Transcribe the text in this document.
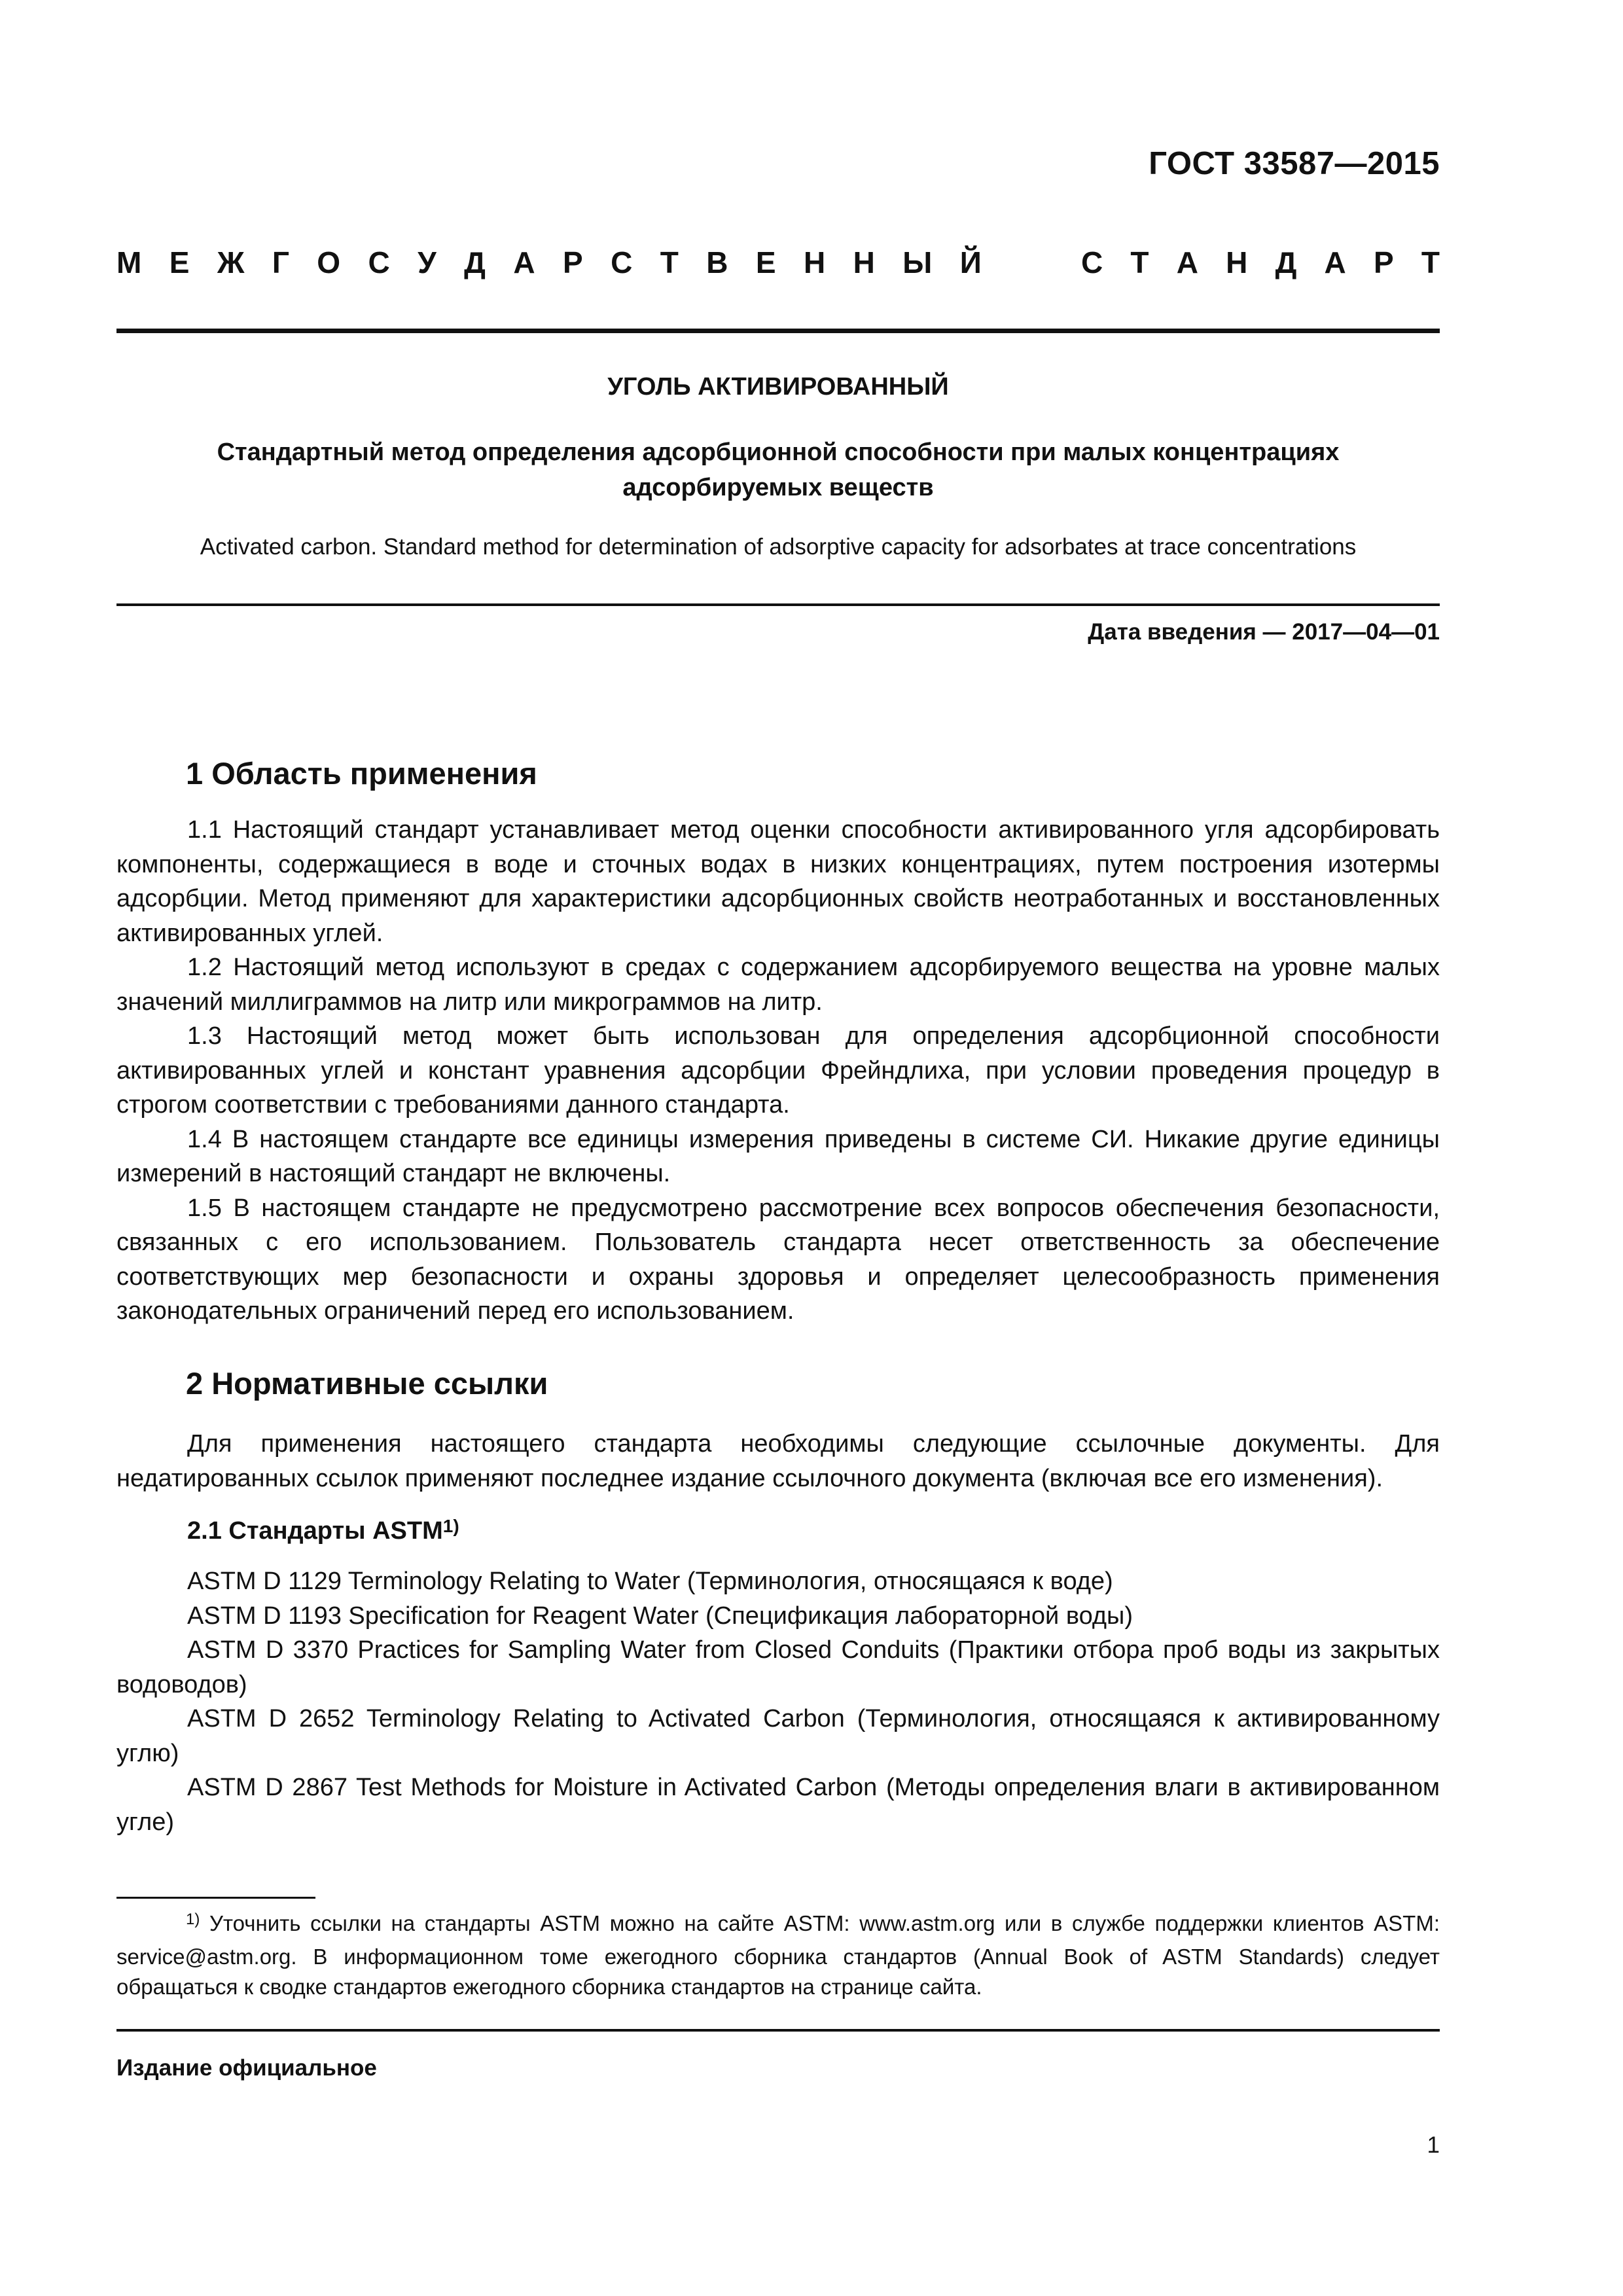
ГОСТ 33587—2015
М Е Ж Г О С У Д А Р С Т В Е Н Н Ы Й	С Т А Н Д А Р Т
УГОЛЬ АКТИВИРОВАННЫЙ
Стандартный метод определения адсорбционной способности при малых концентрациях
адсорбируемых веществ
Activated carbon. Standard method for determination of adsorptive capacity for adsorbates at trace concentrations
Дата введения — 2017—04—01
1 Область применения

1.1 Настоящий стандарт устанавливает метод оценки способности активированного угля адсорбировать компоненты, содержащиеся в воде и сточных водах в низких концентрациях, путем построения изотермы адсорбции. Метод применяют для характеристики адсорбционных свойств неотработанных и восстановленных активированных углей.

1.2 Настоящий метод используют в средах с содержанием адсорбируемого вещества на уровне малых значений миллиграммов на литр или микрограммов на литр.

1.3 Настоящий метод может быть использован для определения адсорбционной способности активированных углей и констант уравнения адсорбции Фрейндлиха, при условии проведения процедур в строгом соответствии с требованиями данного стандарта.

1.4 В настоящем стандарте все единицы измерения приведены в системе СИ. Никакие другие единицы измерений в настоящий стандарт не включены.

1.5 В настоящем стандарте не предусмотрено рассмотрение всех вопросов обеспечения безопасности, связанных с его использованием. Пользователь стандарта несет ответственность за обеспечение соответствующих мер безопасности и охраны здоровья и определяет целесообразность применения законодательных ограничений перед его использованием.

2 Нормативные ссылки

Для применения настоящего стандарта необходимы следующие ссылочные документы. Для недатированных ссылок применяют последнее издание ссылочного документа (включая все его изменения).

2.1 Стандарты ASTM$^{1)}$

ASTM D 1129 Terminology Relating to Water (Терминология, относящаяся к воде)

ASTM D 1193 Specification for Reagent Water (Спецификация лабораторной воды)

ASTM D 3370 Practices for Sampling Water from Closed Conduits (Практики отбора проб воды из закрытых водоводов)

ASTM D 2652 Terminology Relating to Activated Carbon (Терминология, относящаяся к активированному углю)

ASTM D 2867 Test Methods for Moisture in Activated Carbon (Методы определения влаги в активированном угле)

$^{1)}$ Уточнить ссылки на стандарты ASTM можно на сайте ASTM: www.astm.org или в службе поддержки клиентов ASTM: service@astm.org. В информационном томе ежегодного сборника стандартов (Annual Book of ASTM Standards) следует обращаться к сводке стандартов ежегодного сборника стандартов на странице сайта.

Издание официальное
1
